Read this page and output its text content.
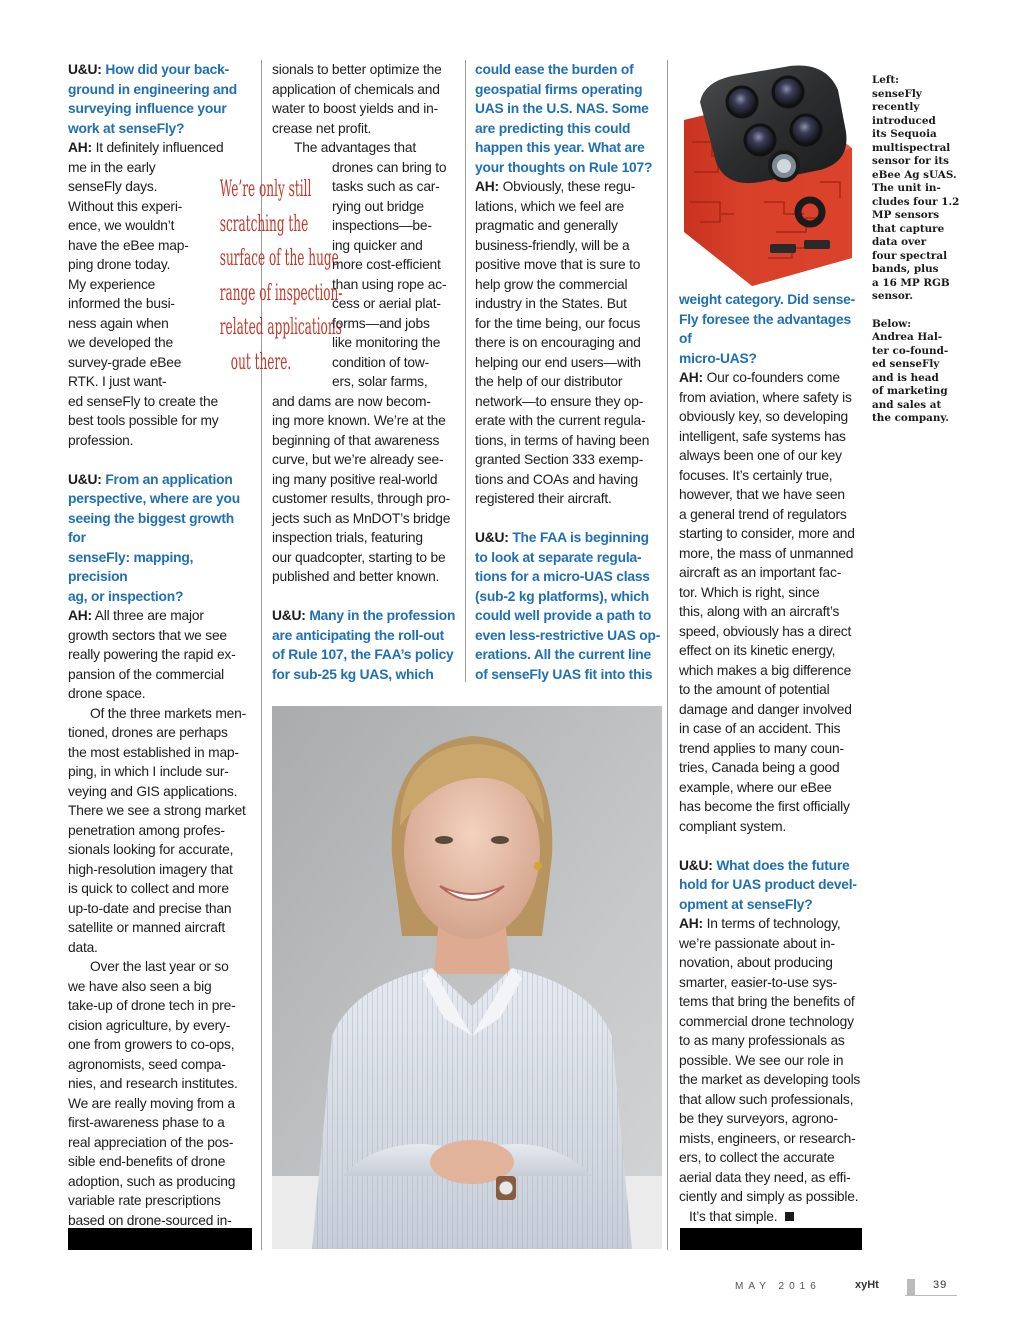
U&U: How did your back-
ground in engineering and
surveying influence your
work at senseFly?
AH: It definitely influenced
me in the early
senseFly days.
Without this experi-
ence, we wouldn’t
have the eBee map-
ping drone today.
My experience
informed the busi-
ness again when
we developed the
survey-grade eBee
RTK. I just want-
ed senseFly to create the
best tools possible for my
profession.
U&U: From an application
perspective, where are you
seeing the biggest growth for
senseFly: mapping, precision
ag, or inspection?
AH: All three are major
growth sectors that we see
really powering the rapid ex-
pansion of the commercial
drone space.
Of the three markets men-
tioned, drones are perhaps
the most established in map-
ping, in which I include sur-
veying and GIS applications.
There we see a strong market
penetration among profes-
sionals looking for accurate,
high-resolution imagery that
is quick to collect and more
up-to-date and precise than
satellite or manned aircraft
data.
Over the last year or so
we have also seen a big
take-up of drone tech in pre-
cision agriculture, by every-
one from growers to co-ops,
agronomists, seed compa-
nies, and research institutes.
We are really moving from a
first-awareness phase to a
real appreciation of the pos-
sible end-benefits of drone
adoption, such as producing
variable rate prescriptions
based on drone-sourced in-

We’re only still
scratching the
surface of the huge
range of inspection-
related applications
out there.
sionals to better optimize the
application of chemicals and
water to boost yields and in-
crease net profit.
The advantages that
drones can bring to
tasks such as car-
rying out bridge
inspections—be-
ing quicker and
more cost-efficient
than using rope ac-
cess or aerial plat-
forms—and jobs
like monitoring the
condition of tow-
ers, solar farms,
and dams are now becom-
ing more known. We’re at the
beginning of that awareness
curve, but we’re already see-
ing many positive real-world
customer results, through pro-
jects such as MnDOT’s bridge
inspection trials, featuring
our quadcopter, starting to be
published and better known.
U&U: Many in the profession
are anticipating the roll-out
of Rule 107, the FAA’s policy
for sub-25 kg UAS, which
could ease the burden of
geospatial firms operating
UAS in the U.S. NAS. Some
are predicting this could
happen this year. What are
your thoughts on Rule 107?
AH: Obviously, these regu-
lations, which we feel are
pragmatic and generally
business-friendly, will be a
positive move that is sure to
help grow the commercial
industry in the States. But
for the time being, our focus
there is on encouraging and
helping our end users—with
the help of our distributor
network—to ensure they op-
erate with the current regula-
tions, in terms of having been
granted Section 333 exemp-
tions and COAs and having
registered their aircraft.
U&U: The FAA is beginning
to look at separate regula-
tions for a micro-UAS class
(sub-2 kg platforms), which
could well provide a path to
even less-restrictive UAS op-
erations. All the current line
of senseFly UAS fit into this
Left:
senseFly
recently
introduced
its Sequoia
multispectral
sensor for its
eBee Ag sUAS.
The unit in-
cludes four 1.2
MP sensors
that capture
data over
four spectral
bands, plus
a 16 MP RGB
sensor.
Below:
Andrea Hal-
ter co-found-
ed senseFly
and is head
of marketing
and sales at
the company.
weight category. Did sense-
Fly foresee the advantages of
micro-UAS?
AH: Our co-founders come
from aviation, where safety is
obviously key, so developing
intelligent, safe systems has
always been one of our key
focuses. It’s certainly true,
however, that we have seen
a general trend of regulators
starting to consider, more and
more, the mass of unmanned
aircraft as an important fac-
tor. Which is right, since
this, along with an aircraft’s
speed, obviously has a direct
effect on its kinetic energy,
which makes a big difference
to the amount of potential
damage and danger involved
in case of an accident. This
trend applies to many coun-
tries, Canada being a good
example, where our eBee
has become the first officially
compliant system.
U&U: What does the future
hold for UAS product devel-
opment at senseFly?
AH: In terms of technology,
we’re passionate about in-
novation, about producing
smarter, easier-to-use sys-
tems that bring the benefits of
commercial drone technology
to as many professionals as
possible. We see our role in
the market as developing tools
that allow such professionals,
be they surveyors, agrono-
mists, engineers, or research-
ers, to collect the accurate
aerial data they need, as effi-
ciently and simply as possible.
It’s that simple.
MAY 2016	xyHt	39
